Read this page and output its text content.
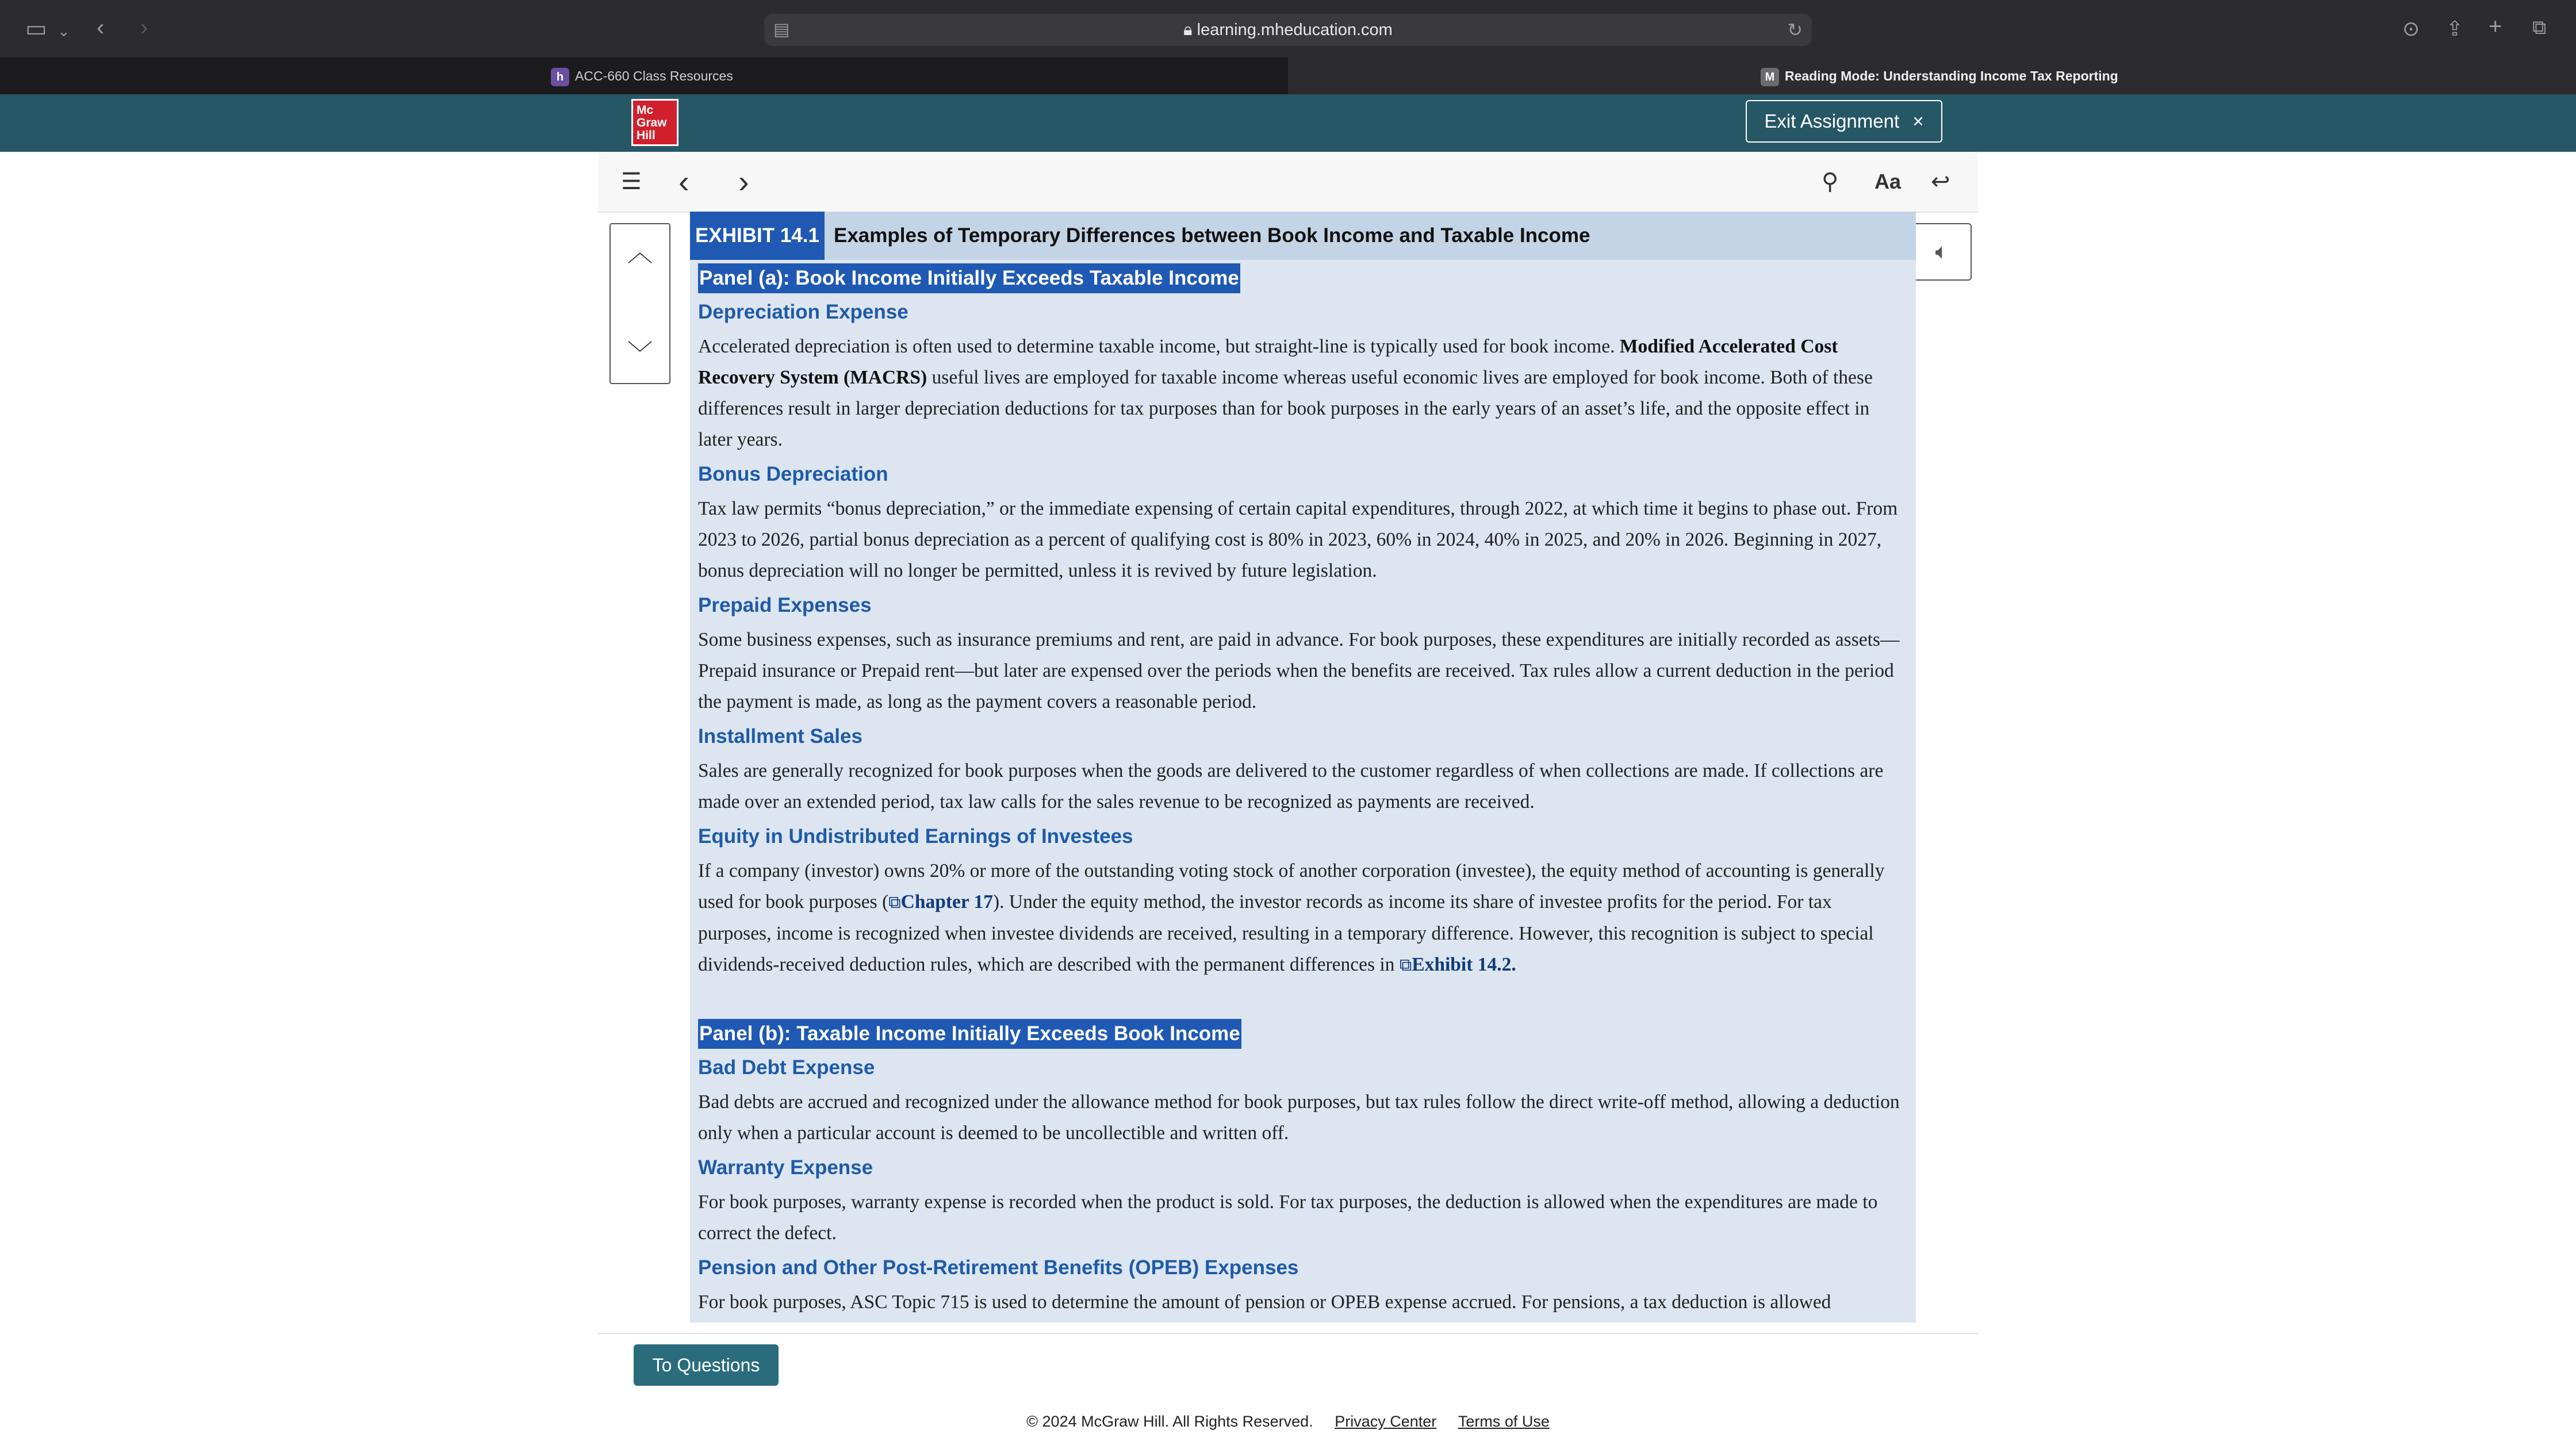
▭ ⌄ ‹ ›	▤	🔒︎ learning.mheducation.com	↻	⊙ ⇪ + ⧉
h ACC-660 Class Resources	M Reading Mode: Understanding Income Tax Reporting
Mc
Graw
Hill
Exit Assignment ×
☰ ‹ ›	⚲ Aa ↩
︿
﹀
🔈︎
EXHIBIT 14.1 Examples of Temporary Differences between Book Income and Taxable Income
Panel (a): Book Income Initially Exceeds Taxable Income
Depreciation Expense

Accelerated depreciation is often used to determine taxable income, but straight-line is typically used for book income. Modified Accelerated Cost Recovery System (MACRS) useful lives are employed for taxable income whereas useful economic lives are employed for book income. Both of these differences result in larger depreciation deductions for tax purposes than for book purposes in the early years of an asset’s life, and the opposite effect in later years.

Bonus Depreciation

Tax law permits “bonus depreciation,” or the immediate expensing of certain capital expenditures, through 2022, at which time it begins to phase out. From 2023 to 2026, partial bonus depreciation as a percent of qualifying cost is 80% in 2023, 60% in 2024, 40% in 2025, and 20% in 2026. Beginning in 2027, bonus depreciation will no longer be permitted, unless it is revived by future legislation.

Prepaid Expenses

Some business expenses, such as insurance premiums and rent, are paid in advance. For book purposes, these expenditures are initially recorded as assets—Prepaid insurance or Prepaid rent—but later are expensed over the periods when the benefits are received. Tax rules allow a current deduction in the period the payment is made, as long as the payment covers a reasonable period.

Installment Sales

Sales are generally recognized for book purposes when the goods are delivered to the customer regardless of when collections are made. If collections are made over an extended period, tax law calls for the sales revenue to be recognized as payments are received.

Equity in Undistributed Earnings of Investees

If a company (investor) owns 20% or more of the outstanding voting stock of another corporation (investee), the equity method of accounting is generally used for book purposes (⧉Chapter 17). Under the equity method, the investor records as income its share of investee profits for the period. For tax purposes, income is recognized when investee dividends are received, resulting in a temporary difference. However, this recognition is subject to special dividends-received deduction rules, which are described with the permanent differences in ⧉Exhibit 14.2.

Panel (b): Taxable Income Initially Exceeds Book Income
Bad Debt Expense

Bad debts are accrued and recognized under the allowance method for book purposes, but tax rules follow the direct write-off method, allowing a deduction only when a particular account is deemed to be uncollectible and written off.

Warranty Expense

For book purposes, warranty expense is recorded when the product is sold. For tax purposes, the deduction is allowed when the expenditures are made to correct the defect.

Pension and Other Post-Retirement Benefits (OPEB) Expenses

For book purposes, ASC Topic 715 is used to determine the amount of pension or OPEB expense accrued. For pensions, a tax deduction is allowed

To Questions
© 2024 McGraw Hill. All Rights Reserved. Privacy Center Terms of Use
